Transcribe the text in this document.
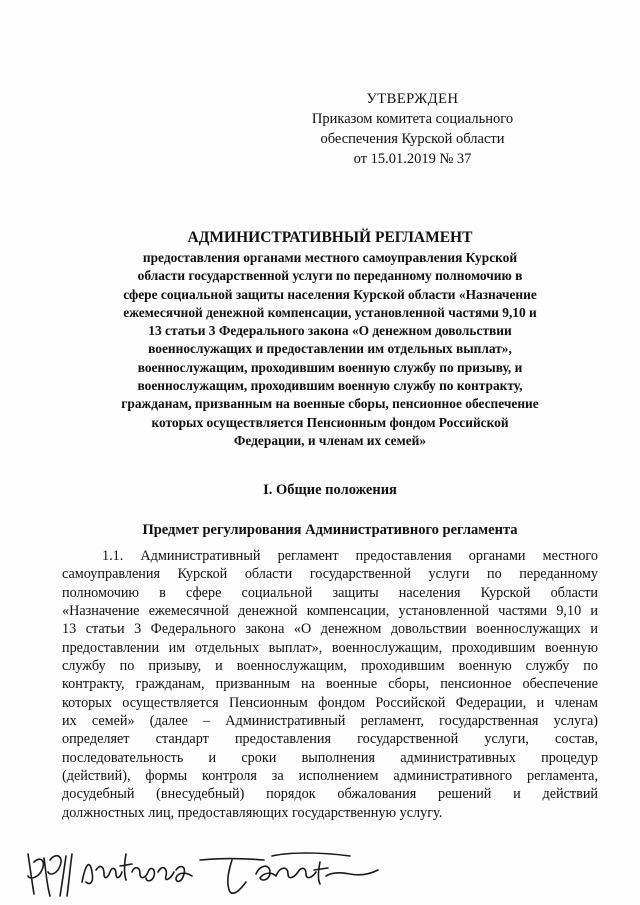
УТВЕРЖДЕН
Приказом комитета социального
обеспечения Курской области
от 15.01.2019 № 37
АДМИНИСТРАТИВНЫЙ РЕГЛАМЕНТ
предоставления органами местного самоуправления Курской
области государственной услуги по переданному полномочию в
сфере социальной защиты населения Курской области «Назначение
ежемесячной денежной компенсации, установленной частями 9,10 и
13 статьи 3 Федерального закона «О денежном довольствии
военнослужащих и предоставлении им отдельных выплат»,
военнослужащим, проходившим военную службу по призыву, и
военнослужащим, проходившим военную службу по контракту,
гражданам, призванным на военные сборы, пенсионное обеспечение
которых осуществляется Пенсионным фондом Российской
Федерации, и членам их семей»
I. Общие положения
Предмет регулирования Административного регламента
1.1. Административный регламент предоставления органами местного
самоуправления Курской области государственной услуги по переданному
полномочию в сфере социальной защиты населения Курской области
«Назначение ежемесячной денежной компенсации, установленной частями 9,10 и
13 статьи 3 Федерального закона «О денежном довольствии военнослужащих и
предоставлении им отдельных выплат», военнослужащим, проходившим военную
службу по призыву, и военнослужащим, проходившим военную службу по
контракту, гражданам, призванным на военные сборы, пенсионное обеспечение
которых осуществляется Пенсионным фондом Российской Федерации, и членам
их семей» (далее – Административный регламент, государственная услуга)
определяет стандарт предоставления государственной услуги, состав,
последовательность и сроки выполнения административных процедур
(действий), формы контроля за исполнением административного регламента,
досудебный (внесудебный) порядок обжалования решений и действий
должностных лиц, предоставляющих государственную услугу.
